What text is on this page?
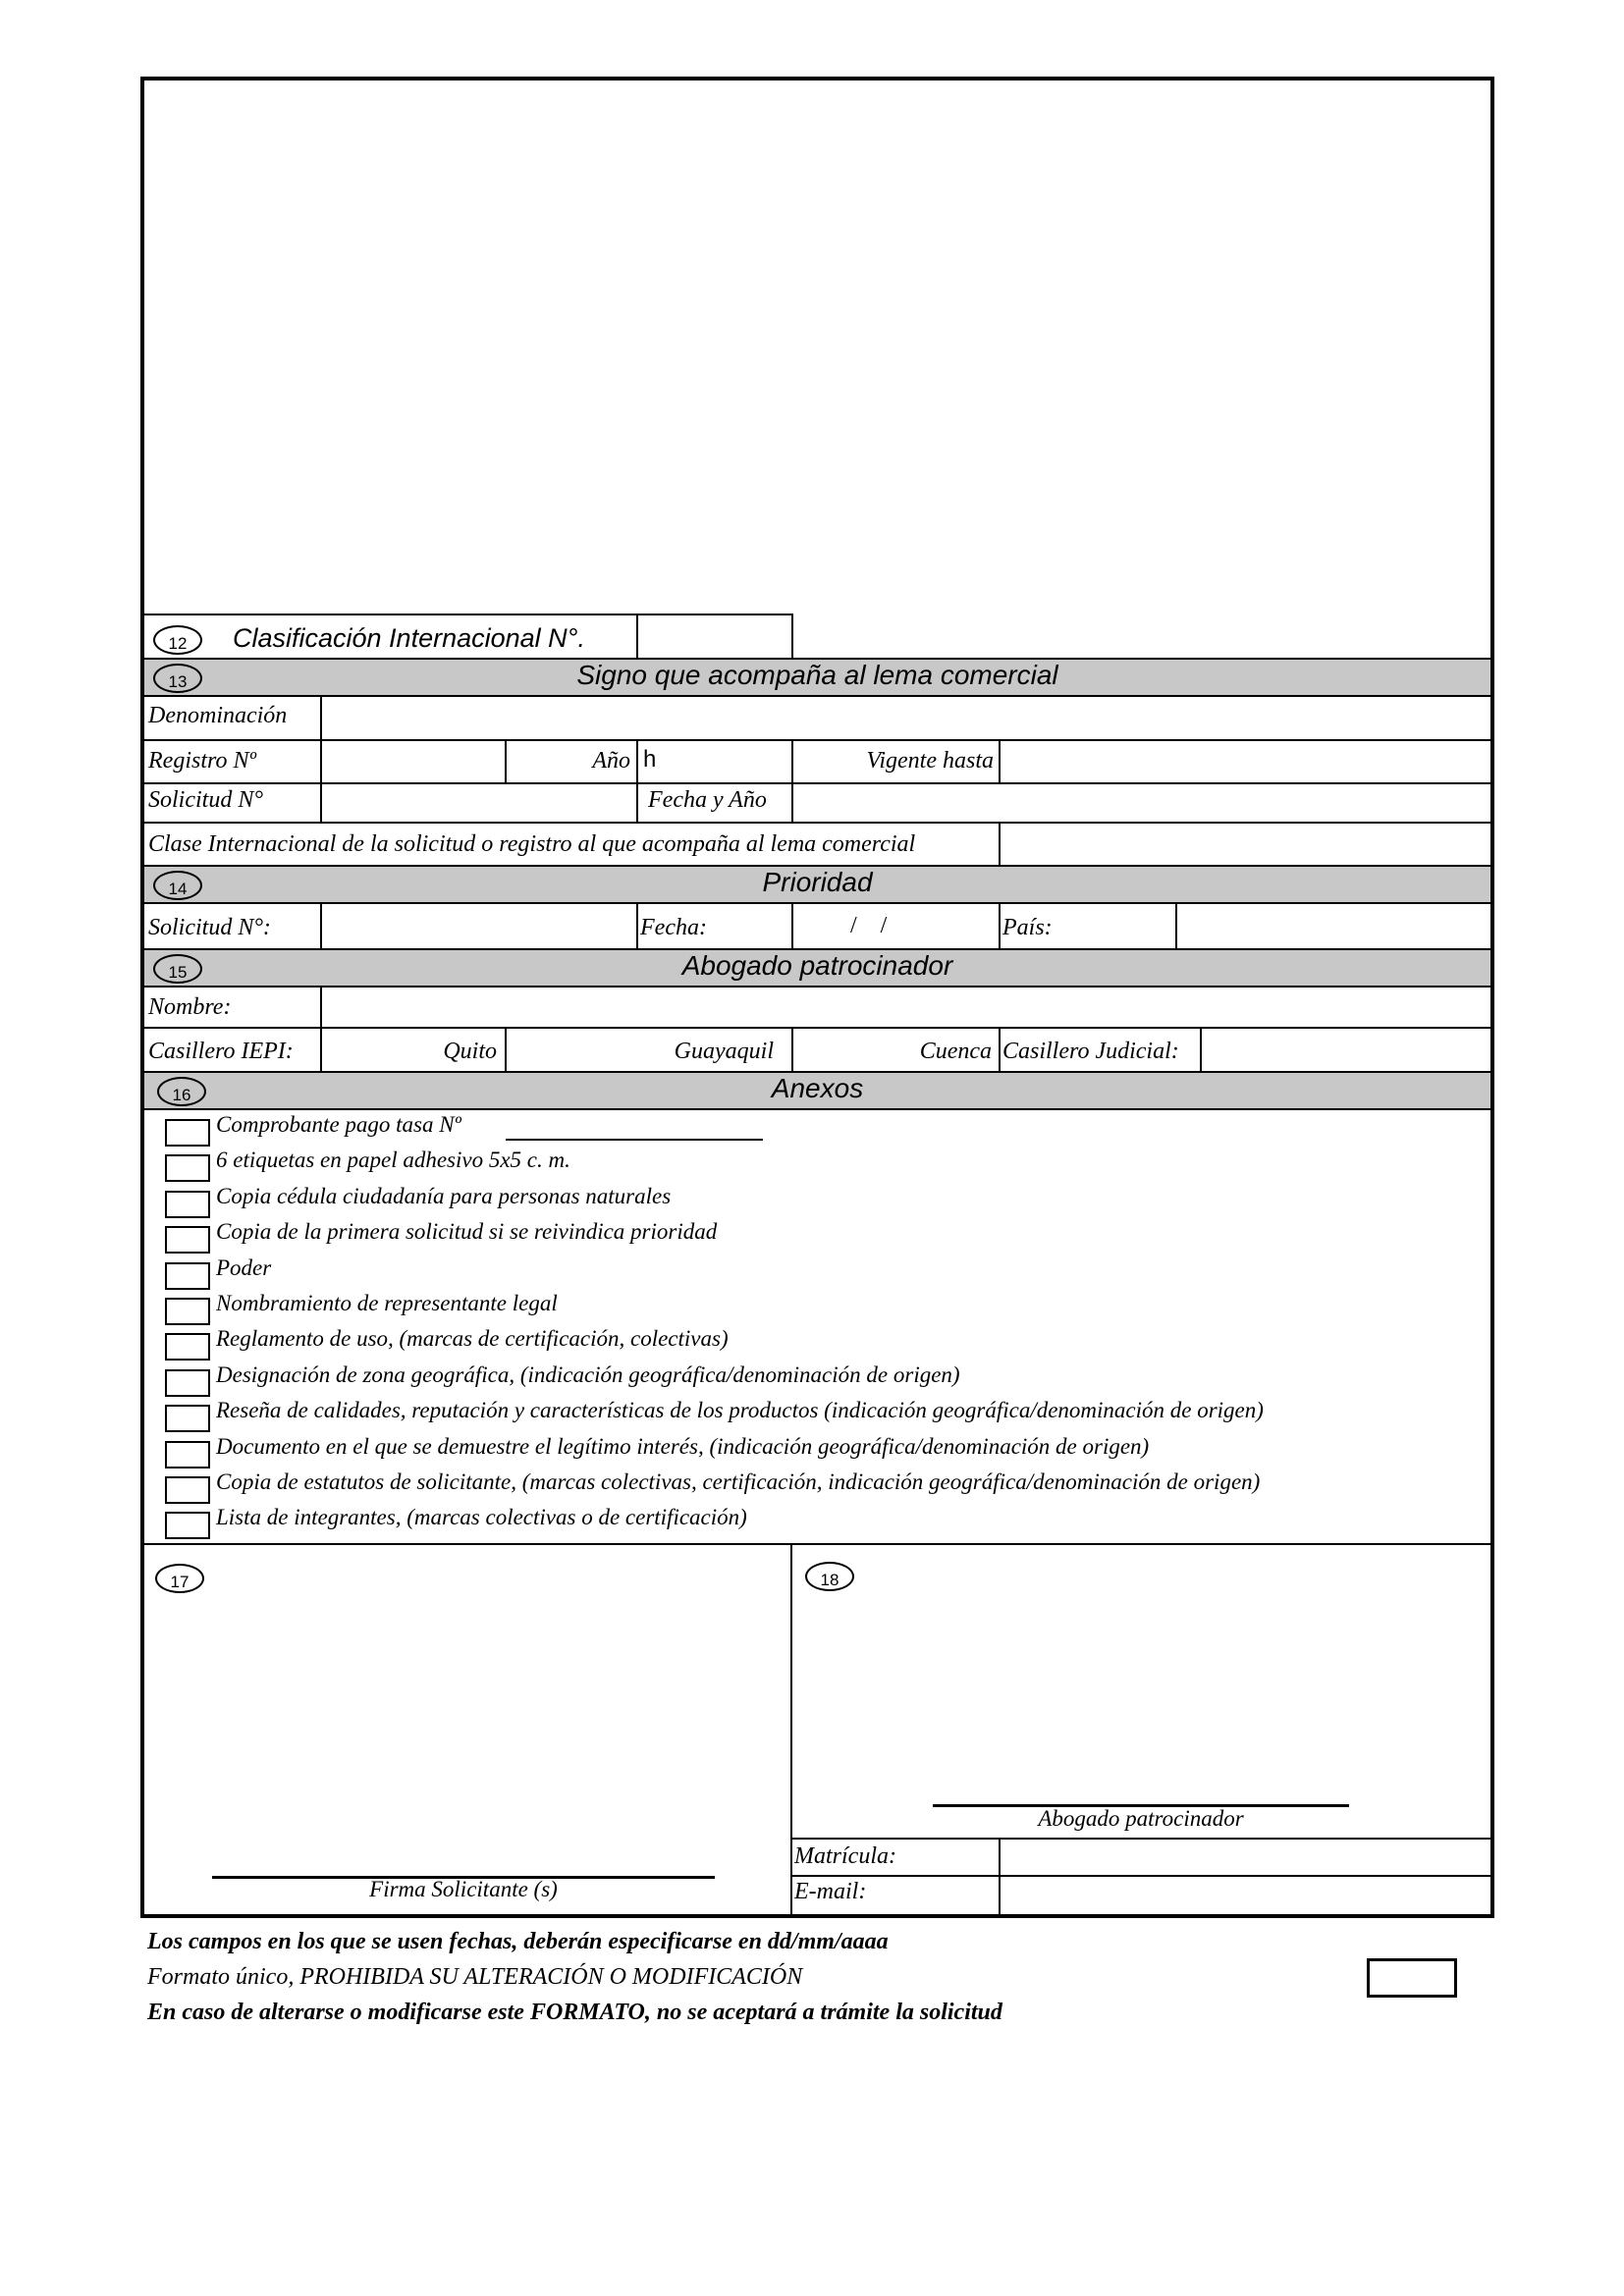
12	Clasificación Internacional N°.
13	Signo que acompaña al lema comercial
Denominación
Registro Nº	Año h	Vigente hasta
Solicitud N°	Fecha y Año
Clase Internacional de la solicitud o registro al que acompaña al lema comercial
14	Prioridad
Solicitud N°:	Fecha:	/    /	País:
15	Abogado patrocinador
Nombre:
Casillero IEPI:	Quito	Guayaquil	Cuenca Casillero Judicial:
16	Anexos
Comprobante pago tasa Nº
6 etiquetas en papel adhesivo 5x5 c. m.
Copia cédula ciudadanía para personas naturales
Copia de la primera solicitud si se reivindica prioridad
Poder
Nombramiento de representante legal
Reglamento de uso, (marcas de certificación, colectivas)
Designación de zona geográfica, (indicación geográfica/denominación de origen)
Reseña de calidades, reputación y características de los productos (indicación geográfica/denominación de origen)
Documento en el que se demuestre el legítimo interés, (indicación geográfica/denominación de origen)
Copia de estatutos de solicitante, (marcas colectivas, certificación, indicación geográfica/denominación de origen)
Lista de integrantes, (marcas colectivas o de certificación)
17
Firma Solicitante (s)
18
Abogado patrocinador
Matrícula:
E-mail:
Los campos en los que se usen fechas, deberán especificarse en dd/mm/aaaa
Formato único, PROHIBIDA SU ALTERACIÓN O MODIFICACIÓN
En caso de alterarse o modificarse este FORMATO, no se aceptará a trámite la solicitud
